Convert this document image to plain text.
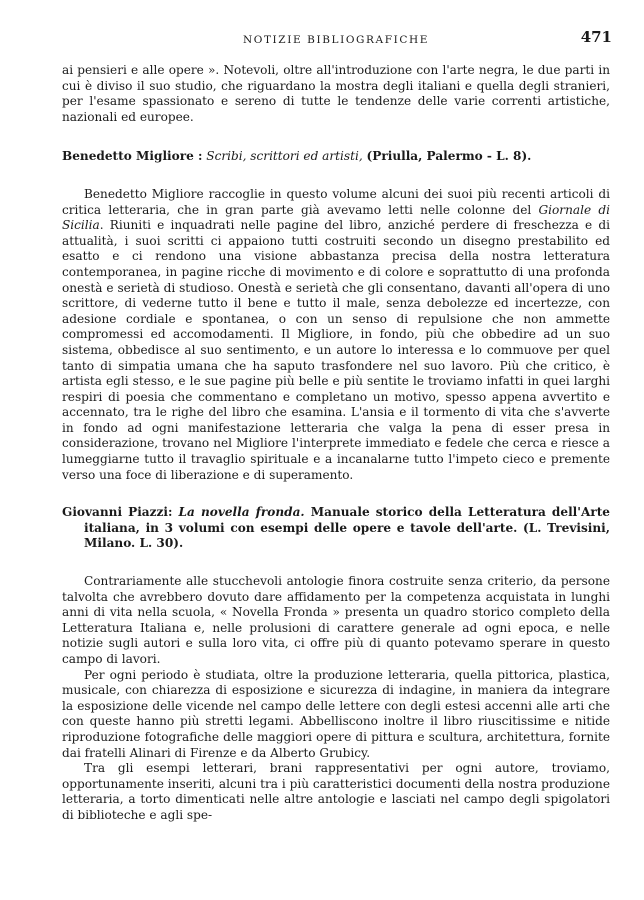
NOTIZIE BIBLIOGRAFICHE	471

ai pensieri e alle opere ». Notevoli, oltre all'introduzione con l'arte negra, le due parti in cui è diviso il suo studio, che riguardano la mostra degli italiani e quella degli stranieri, per l'esame spassionato e sereno di tutte le tendenze delle varie correnti artistiche, nazionali ed europee.

Benedetto Migliore : Scribi, scrittori ed artisti, (Priulla, Palermo - L. 8).

Benedetto Migliore raccoglie in questo volume alcuni dei suoi più recenti articoli di critica letteraria, che in gran parte già avevamo letti nelle colonne del Giornale di Sicilia. Riuniti e inquadrati nelle pagine del libro, anziché perdere di freschezza e di attualità, i suoi scritti ci appaiono tutti costruiti secondo un disegno prestabilito ed esatto e ci rendono una visione abbastanza precisa della nostra letteratura contemporanea, in pagine ricche di movimento e di colore e soprattutto di una profonda onestà e serietà di studioso. Onestà e serietà che gli consentano, davanti all'opera di uno scrittore, di vederne tutto il bene e tutto il male, senza debolezze ed incertezze, con adesione cordiale e spontanea, o con un senso di repulsione che non ammette compromessi ed accomodamenti. Il Migliore, in fondo, più che obbedire ad un suo sistema, obbedisce al suo sentimento, e un autore lo interessa e lo commuove per quel tanto di simpatia umana che ha saputo trasfondere nel suo lavoro. Più che critico, è artista egli stesso, e le sue pagine più belle e più sentite le troviamo infatti in quei larghi respiri di poesia che commentano e completano un motivo, spesso appena avvertito e accennato, tra le righe del libro che esamina. L'ansia e il tormento di vita che s'avverte in fondo ad ogni manifestazione letteraria che valga la pena di esser presa in considerazione, trovano nel Migliore l'interprete immediato e fedele che cerca e riesce a lumeggiarne tutto il travaglio spirituale e a incanalarne tutto l'impeto cieco e premente verso una foce di liberazione e di superamento.

Giovanni Piazzi: La novella fronda. Manuale storico della Letteratura dell'Arte italiana, in 3 volumi con esempi delle opere e tavole dell'arte. (L. Trevisini, Milano. L. 30).

Contrariamente alle stucchevoli antologie finora costruite senza criterio, da persone talvolta che avrebbero dovuto dare affidamento per la competenza acquistata in lunghi anni di vita nella scuola, « Novella Fronda » presenta un quadro storico completo della Letteratura Italiana e, nelle prolusioni di carattere generale ad ogni epoca, e nelle notizie sugli autori e sulla loro vita, ci offre più di quanto potevamo sperare in questo campo di lavori.

Per ogni periodo è studiata, oltre la produzione letteraria, quella pittorica, plastica, musicale, con chiarezza di esposizione e sicurezza di indagine, in maniera da integrare la esposizione delle vicende nel campo delle lettere con degli estesi accenni alle arti che con queste hanno più stretti legami. Abbelliscono inoltre il libro riuscitissime e nitide riproduzione fotografiche delle maggiori opere di pittura e scultura, architettura, fornite dai fratelli Alinari di Firenze e da Alberto Grubicy.

Tra gli esempi letterari, brani rappresentativi per ogni autore, troviamo, opportunamente inseriti, alcuni tra i più caratteristici documenti della nostra produzione letteraria, a torto dimenticati nelle altre antologie e lasciati nel campo degli spigolatori di biblioteche e agli spe-
